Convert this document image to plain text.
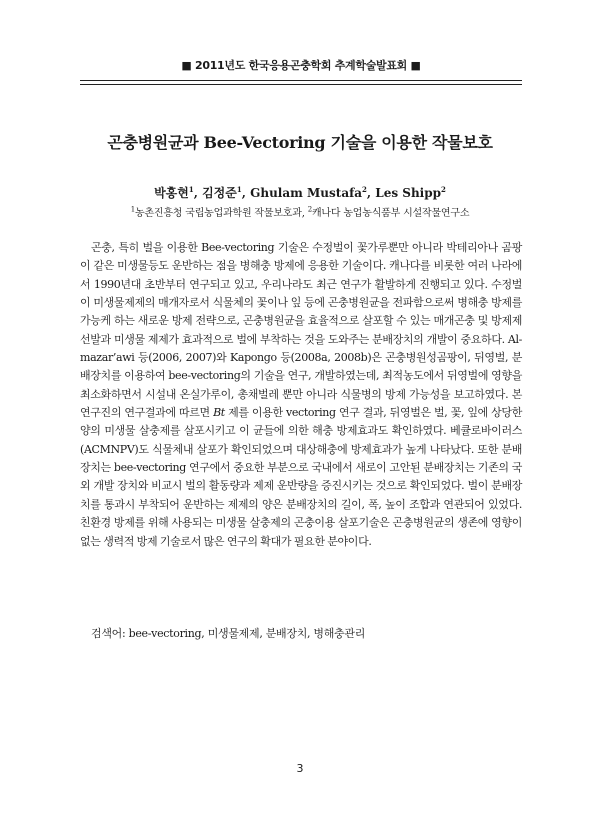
■ 2011년도 한국응용곤충학회 추계학술발표회 ■
곤충병원균과 Bee-Vectoring 기술을 이용한 작물보호
박홍현$^1$, 김정준$^1$, Ghulam Mustafa$^2$, Les Shipp$^2$
$^1$농촌진흥청 국립농업과학원 작물보호과, $^2$캐나다 농업농식품부 시설작물연구소

곤충, 특히 벌을 이용한 Bee-vectoring 기술은 수정벌이 꽃가루뿐만 아니라 박테리아나 곰팡이 같은 미생물등도 운반하는 점을 병해충 방제에 응용한 기술이다. 캐나다를 비롯한 여러 나라에서 1990년대 초반부터 연구되고 있고, 우리나라도 최근 연구가 활발하게 진행되고 있다. 수정벌이 미생물제제의 매개자로서 식물체의 꽃이나 잎 등에 곤충병원균을 전파함으로써 병해충 방제를 가능케 하는 새로운 방제 전략으로, 곤충병원균을 효율적으로 살포할 수 있는 매개곤충 및 방제제 선발과 미생물 제제가 효과적으로 벌에 부착하는 것을 도와주는 분배장치의 개발이 중요하다. Al-mazar’awi 등(2006, 2007)와 Kapongo 등(2008a, 2008b)은 곤충병원성곰팡이, 뒤영벌, 분배장치를 이용하여 bee-vectoring의 기술을 연구, 개발하였는데, 최적농도에서 뒤영벌에 영향을 최소화하면서 시설내 온실가루이, 총채벌레 뿐만 아니라 식물병의 방제 가능성을 보고하였다. 본 연구진의 연구결과에 따르면 Bt 제를 이용한 vectoring 연구 결과, 뒤영벌은 벌, 꽃, 잎에 상당한 양의 미생물 살충제를 살포시키고 이 균들에 의한 해충 방제효과도 확인하였다. 베큘로바이러스(ACMNPV)도 식물체내 살포가 확인되었으며 대상해충에 방제효과가 높게 나타났다. 또한 분배장치는 bee-vectoring 연구에서 중요한 부분으로 국내에서 새로이 고안된 분배장치는 기존의 국외 개발 장치와 비교시 벌의 활동량과 제제 운반량을 증진시키는 것으로 확인되었다. 벌이 분배장치를 통과시 부착되어 운반하는 제제의 양은 분배장치의 길이, 폭, 높이 조합과 연관되어 있었다. 친환경 방제를 위해 사용되는 미생물 살충제의 곤충이용 살포기술은 곤충병원균의 생존에 영향이 없는 생력적 방제 기술로서 많은 연구의 확대가 필요한 분야이다.

검색어: bee-vectoring, 미생물제제, 분배장치, 병해충관리
3
